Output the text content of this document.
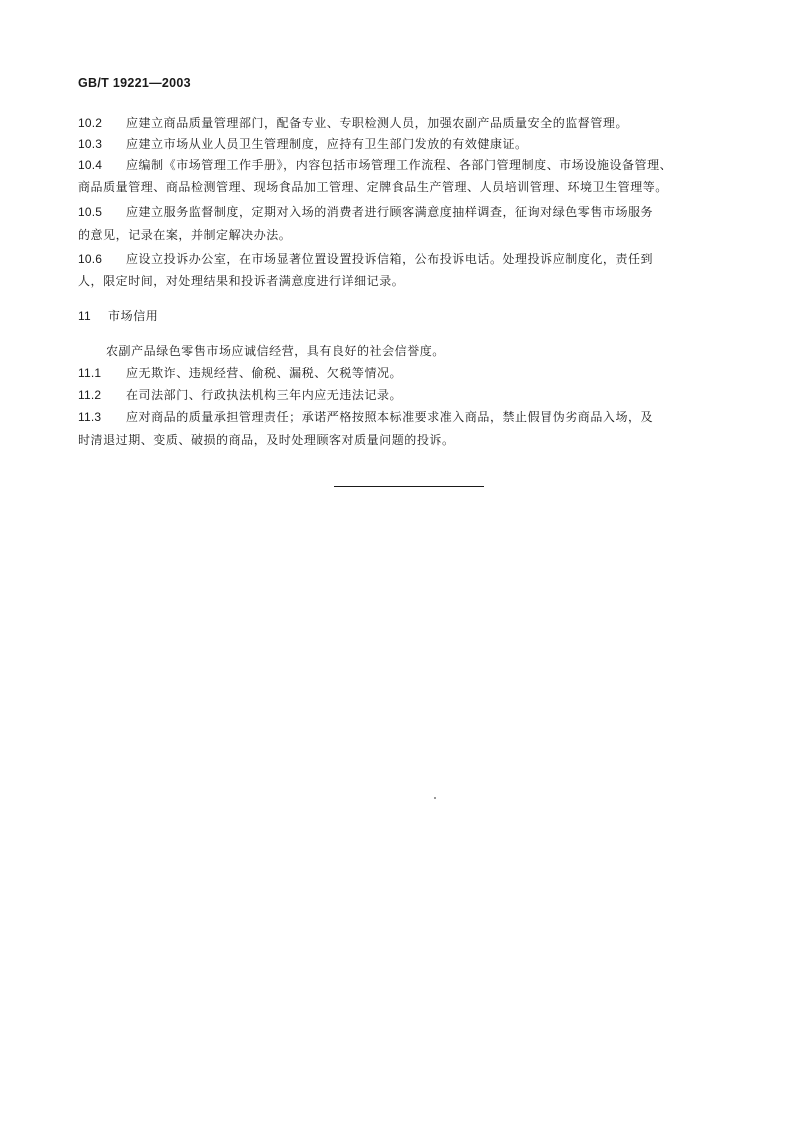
GB/T 19221—2003
10.2 应建立商品质量管理部门，配备专业、专职检测人员，加强农副产品质量安全的监督管理。
10.3 应建立市场从业人员卫生管理制度，应持有卫生部门发放的有效健康证。
10.4 应编制《市场管理工作手册》，内容包括市场管理工作流程、各部门管理制度、市场设施设备管理、
商品质量管理、商品检测管理、现场食品加工管理、定牌食品生产管理、人员培训管理、环境卫生管理等。
10.5 应建立服务监督制度，定期对入场的消费者进行顾客满意度抽样调查，征询对绿色零售市场服务
的意见，记录在案，并制定解决办法。
10.6 应设立投诉办公室，在市场显著位置设置投诉信箱，公布投诉电话。处理投诉应制度化，责任到
人，限定时间，对处理结果和投诉者满意度进行详细记录。
11 市场信用
农副产品绿色零售市场应诚信经营，具有良好的社会信誉度。
11.1 应无欺诈、违规经营、偷税、漏税、欠税等情况。
11.2 在司法部门、行政执法机构三年内应无违法记录。
11.3 应对商品的质量承担管理责任；承诺严格按照本标准要求准入商品，禁止假冒伪劣商品入场，及
时清退过期、变质、破损的商品，及时处理顾客对质量问题的投诉。
